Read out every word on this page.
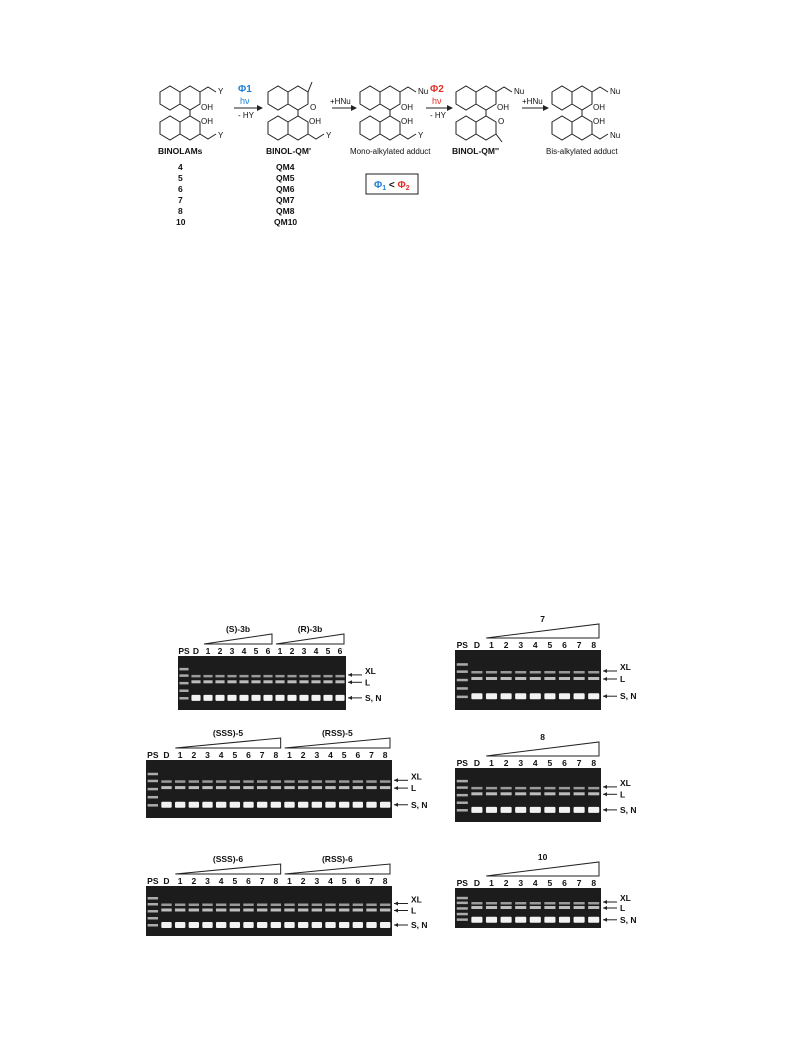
Y
OH
OH
Y
BINOLAMs
4
5
6
7
8
10
Φ1
hν
- HY
O
OH
Y
BINOL-QM'
QM4
QM5
QM6
QM7
QM8
QM10
+HNu
Nu
OH
OH
Y
Mono-alkylated adduct
$\Phi_1 < \Phi_2$
Φ2
hν
- HY
Nu
OH
O
BINOL-QM''
+HNu
Nu
OH
OH
Nu
Bis-alkylated adduct
PS D 1 2 3 4 5 6 1 2 3 4 5 6
(S)-3b	(R)-3b
XL
L
S, N
PS D 1 2 3 4 5 6 7 8
7
XL
L
S, N
PS D 1 2 3 4 5 6 7 8 1 2 3 4 5 6 7 8
(SSS)-5	(RSS)-5
XL
L
S, N
PS D 1 2 3 4 5 6 7 8
8
XL
L
S, N
PS D 1 2 3 4 5 6 7 8 1 2 3 4 5 6 7 8
(SSS)-6	(RSS)-6
XL
L
S, N
PS D 1 2 3 4 5 6 7 8
10
XL
L
S, N
